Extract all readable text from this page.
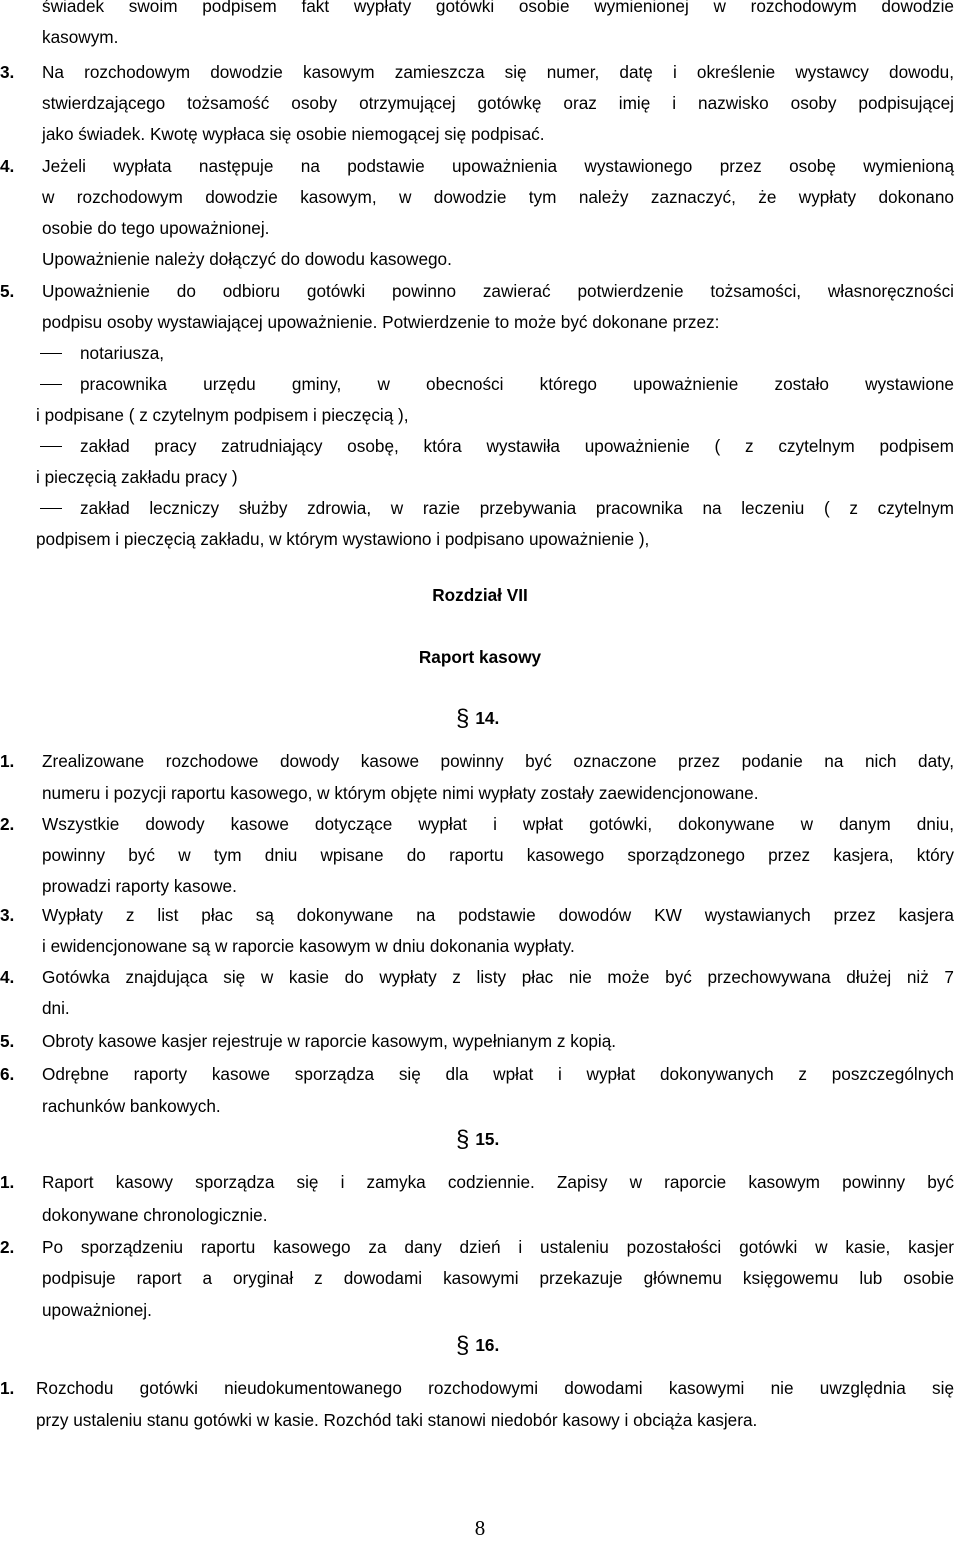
świadek swoim podpisem fakt wypłaty gotówki osobie wymienionej w rozchodowym dowodzie
kasowym.
3. Na rozchodowym dowodzie kasowym zamieszcza się numer, datę i określenie wystawcy dowodu,
stwierdzającego tożsamość osoby otrzymującej gotówkę oraz imię i nazwisko osoby podpisującej
jako świadek. Kwotę wypłaca się osobie niemogącej się podpisać.
4. Jeżeli wypłata następuje na podstawie upoważnienia wystawionego przez osobę wymienioną
w rozchodowym dowodzie kasowym, w dowodzie tym należy zaznaczyć, że wypłaty dokonano
osobie do tego upoważnionej.
Upoważnienie należy dołączyć do dowodu kasowego.
5. Upoważnienie do odbioru gotówki powinno zawierać potwierdzenie tożsamości, własnoręczności
podpisu osoby wystawiającej upoważnienie. Potwierdzenie to może być dokonane przez:
notariusza,
pracownika urzędu gminy, w obecności którego upoważnienie zostało wystawione
i podpisane ( z czytelnym podpisem i pieczęcią ),
zakład pracy zatrudniający osobę, która wystawiła upoważnienie ( z czytelnym podpisem
i pieczęcią zakładu pracy )
zakład leczniczy służby zdrowia, w razie przebywania pracownika na leczeniu ( z czytelnym
podpisem i pieczęcią zakładu, w którym wystawiono i podpisano upoważnienie ),
Rozdział VII
Raport kasowy
§ 14.
1. Zrealizowane rozchodowe dowody kasowe powinny być oznaczone przez podanie na nich daty,
numeru i pozycji raportu kasowego, w którym objęte nimi wypłaty zostały zaewidencjonowane.
2. Wszystkie dowody kasowe dotyczące wypłat i wpłat gotówki, dokonywane w danym dniu,
powinny być w tym dniu wpisane do raportu kasowego sporządzonego przez kasjera, który
prowadzi raporty kasowe.
3. Wypłaty z list płac są dokonywane na podstawie dowodów KW wystawianych przez kasjera
i ewidencjonowane są w raporcie kasowym w dniu dokonania wypłaty.
4. Gotówka znajdująca się w kasie do wypłaty z listy płac nie może być przechowywana dłużej niż 7
dni.
5. Obroty kasowe kasjer rejestruje w raporcie kasowym, wypełnianym z kopią.
6. Odrębne raporty kasowe sporządza się dla wpłat i wypłat dokonywanych z poszczególnych
rachunków bankowych.
§ 15.
1. Raport kasowy sporządza się i zamyka codziennie. Zapisy w raporcie kasowym powinny być
dokonywane chronologicznie.
2. Po sporządzeniu raportu kasowego za dany dzień i ustaleniu pozostałości gotówki w kasie, kasjer
podpisuje raport a oryginał z dowodami kasowymi przekazuje głównemu księgowemu lub osobie
upoważnionej.
§ 16.
1. Rozchodu gotówki nieudokumentowanego rozchodowymi dowodami kasowymi nie uwzględnia się
przy ustaleniu stanu gotówki w kasie. Rozchód taki stanowi niedobór kasowy i obciąża kasjera.
8
